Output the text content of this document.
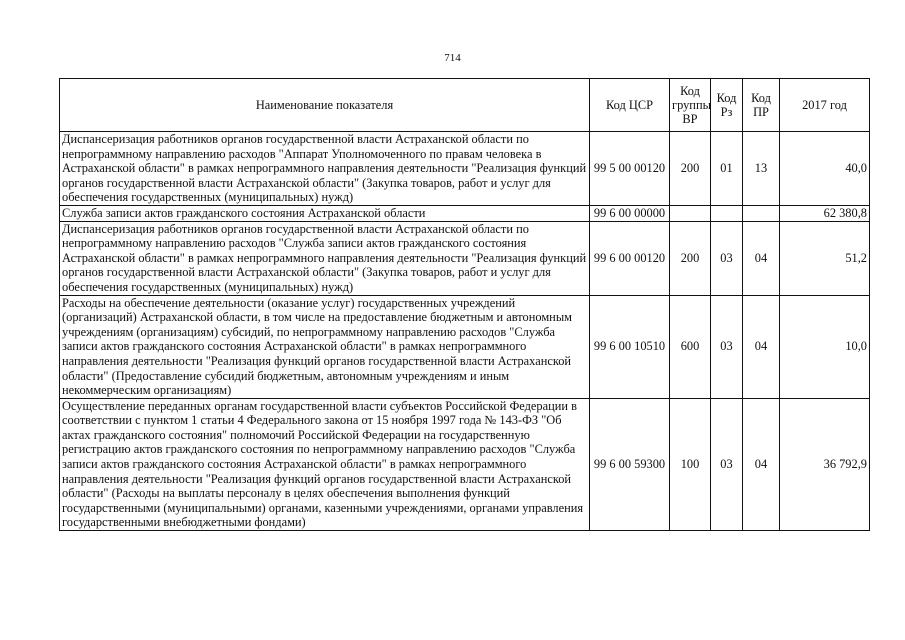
714
Наименование показателя	Код ЦСР	Код группы ВР	Код Рз	Код ПР	2017 год
Диспансеризация работников органов государственной власти Астраханской области по непрограммному направлению расходов "Аппарат Уполномоченного по правам человека в Астраханской области" в рамках непрограммного направления деятельности "Реализация функций органов государственной власти Астраханской области" (Закупка товаров, работ и услуг для обеспечения государственных (муниципальных) нужд)	99 5 00 00120	200	01	13	40,0
Служба записи актов гражданского состояния Астраханской области	99 6 00 00000				62 380,8
Диспансеризация работников органов государственной власти Астраханской области по непрограммному направлению расходов "Служба записи актов гражданского состояния Астраханской области" в рамках непрограммного направления деятельности "Реализация функций органов государственной власти Астраханской области" (Закупка товаров, работ и услуг для обеспечения государственных (муниципальных) нужд)	99 6 00 00120	200	03	04	51,2
Расходы на обеспечение деятельности (оказание услуг) государственных учреждений (организаций) Астраханской области, в том числе на предоставление бюджетным и автономным учреждениям (организациям) субсидий, по непрограммному направлению расходов "Служба записи актов гражданского состояния Астраханской области" в рамках непрограммного направления деятельности "Реализация функций органов государственной власти Астраханской области" (Предоставление субсидий бюджетным, автономным учреждениям и иным некоммерческим организациям)	99 6 00 10510	600	03	04	10,0
Осуществление переданных органам государственной власти субъектов Российской Федерации в соответствии с пунктом 1 статьи 4 Федерального закона от 15 ноября 1997 года № 143-ФЗ "Об актах гражданского состояния" полномочий Российской Федерации на государственную регистрацию актов гражданского состояния по непрограммному направлению расходов "Служба записи актов гражданского состояния Астраханской области" в рамках непрограммного направления деятельности "Реализация функций органов государственной власти Астраханской области" (Расходы на выплаты персоналу в целях обеспечения выполнения функций государственными (муниципальными) органами, казенными учреждениями, органами управления государственными внебюджетными фондами)	99 6 00 59300	100	03	04	36 792,9
